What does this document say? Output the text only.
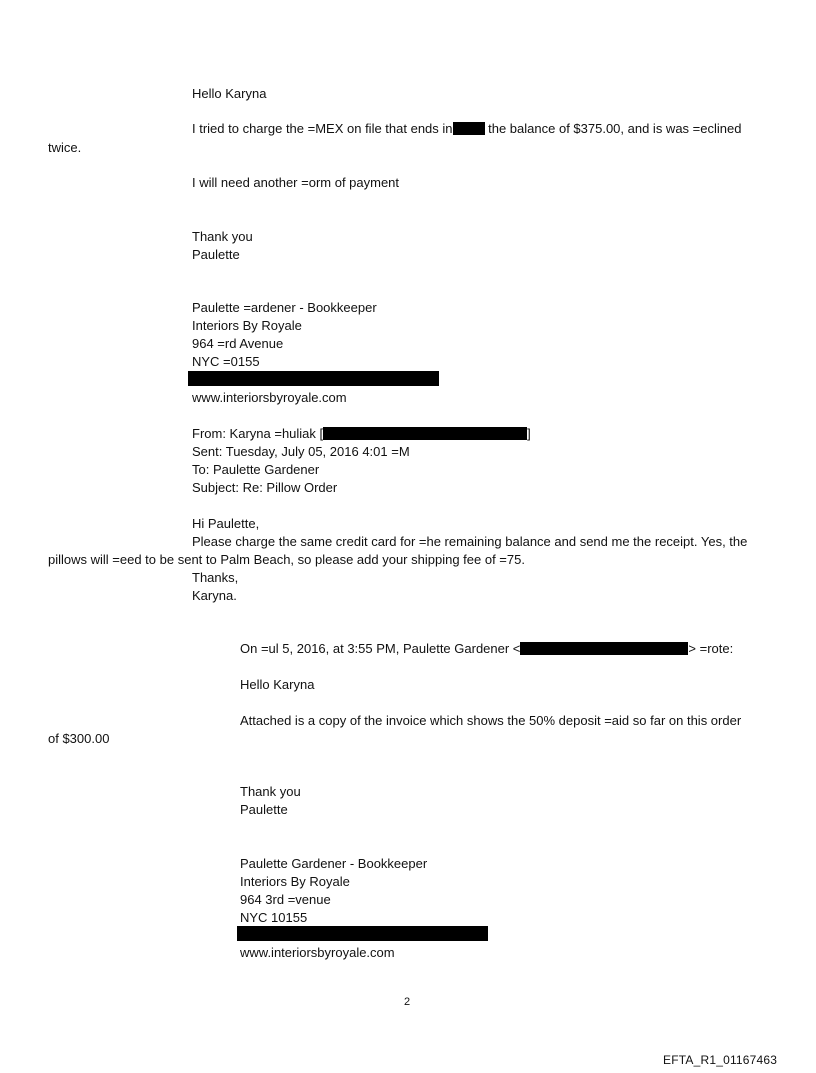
Hello Karyna
I tried to charge the =MEX on file that ends in the balance of $375.00, and is was =eclined
twice.
I will need another =orm of payment
Thank you
Paulette
Paulette =ardener - Bookkeeper
Interiors By Royale
964 =rd Avenue
NYC =0155
www.interiorsbyroyale.com
From: Karyna =huliak [	]
Sent: Tuesday, July 05, 2016 4:01 =M
To: Paulette Gardener
Subject: Re: Pillow Order
Hi Paulette,
Please charge the same credit card for =he remaining balance and send me the receipt. Yes, the
pillows will =eed to be sent to Palm Beach, so please add your shipping fee of =75.
Thanks,
Karyna.
On =ul 5, 2016, at 3:55 PM, Paulette Gardener <	> =rote:
Hello Karyna
Attached is a copy of the invoice which shows the 50% deposit =aid so far on this order
of $300.00
Thank you
Paulette
Paulette Gardener - Bookkeeper
Interiors By Royale
964 3rd =venue
NYC 10155
www.interiorsbyroyale.com
2
EFTA_R1_01167463
